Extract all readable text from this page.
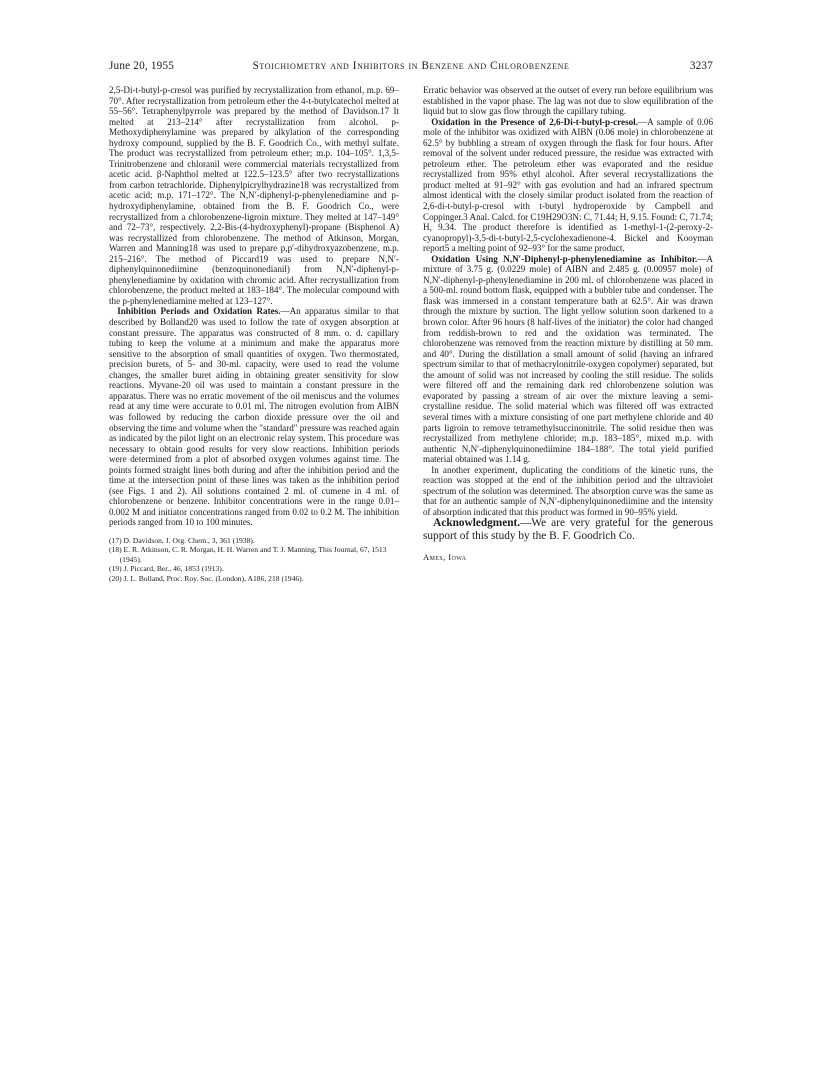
June 20, 1955	Stoichiometry and Inhibitors in Benzene and Chlorobenzene	3237

2,5-Di-t-butyl-p-cresol was purified by recrystallization from ethanol, m.p. 69–70°. After recrystallization from petroleum ether the 4-t-butylcatechol melted at 55–56°. Tetraphenylpyrrole was prepared by the method of Davidson.17 It melted at 213–214° after recrystallization from alcohol. p-Methoxydiphenylamine was prepared by alkylation of the corresponding hydroxy compound, supplied by the B. F. Goodrich Co., with methyl sulfate. The product was recrystallized from petroleum ether; m.p. 104–105°. 1,3,5-Trinitrobenzene and chloranil were commercial materials recrystallized from acetic acid. β-Naphthol melted at 122.5–123.5° after two recrystallizations from carbon tetrachloride. Diphenylpicrylhydrazine18 was recrystallized from acetic acid; m.p. 171–172°. The N,N′-diphenyl-p-phenylenediamine and p-hydroxydiphenylamine, obtained from the B. F. Goodrich Co., were recrystallized from a chlorobenzene-ligroin mixture. They melted at 147–149° and 72–73°, respectively. 2,2-Bis-(4-hydroxyphenyl)-propane (Bisphenol A) was recrystallized from chlorobenzene. The method of Atkinson, Morgan, Warren and Manning18 was used to prepare p,p′-dihydroxyazobenzene, m.p. 215–216°. The method of Piccard19 was used to prepare N,N′-diphenylquinonediimine (benzoquinonedianil) from N,N′-diphenyl-p-phenylenediamine by oxidation with chromic acid. After recrystallization from chlorobenzene, the product melted at 183–184°. The molecular compound with the p-phenylenediamine melted at 123–127°.

Inhibition Periods and Oxidation Rates.—An apparatus similar to that described by Bolland20 was used to follow the rate of oxygen absorption at constant pressure. The apparatus was constructed of 8 mm. o. d. capillary tubing to keep the volume at a minimum and make the apparatus more sensitive to the absorption of small quantities of oxygen. Two thermostated, precision burets, of 5- and 30-ml. capacity, were used to read the volume changes, the smaller buret aiding in obtaining greater sensitivity for slow reactions. Myvane-20 oil was used to maintain a constant pressure in the apparatus. There was no erratic movement of the oil meniscus and the volumes read at any time were accurate to 0.01 ml. The nitrogen evolution from AIBN was followed by reducing the carbon dioxide pressure over the oil and observing the time and volume when the "standard" pressure was reached again as indicated by the pilot light on an electronic relay system. This procedure was necessary to obtain good results for very slow reactions. Inhibition periods were determined from a plot of absorbed oxygen volumes against time. The points formed straight lines both during and after the inhibition period and the time at the intersection point of these lines was taken as the inhibition period (see Figs. 1 and 2). All solutions contained 2 ml. of cumene in 4 ml. of chlorobenzene or benzene. Inhibitor concentrations were in the range 0.01–0.002 M and initiator concentrations ranged from 0.02 to 0.2 M. The inhibition periods ranged from 10 to 100 minutes.

(17) D. Davidson, J. Org. Chem., 3, 361 (1938).
(18) E. R. Atkinson, C. R. Morgan, H. H. Warren and T. J. Manning, This Journal, 67, 1513 (1945).
(19) J. Piccard, Ber., 46, 1853 (1913).
(20) J. L. Bolland, Proc. Roy. Soc. (London), A186, 218 (1946).

Erratic behavior was observed at the outset of every run before equilibrium was established in the vapor phase. The lag was not due to slow equilibration of the liquid but to slow gas flow through the capillary tubing.

Oxidation in the Presence of 2,6-Di-t-butyl-p-cresol.—A sample of 0.06 mole of the inhibitor was oxidized with AIBN (0.06 mole) in chlorobenzene at 62.5° by bubbling a stream of oxygen through the flask for four hours. After removal of the solvent under reduced pressure, the residue was extracted with petroleum ether. The petroleum ether was evaporated and the residue recrystallized from 95% ethyl alcohol. After several recrystallizations the product melted at 91–92° with gas evolution and had an infrared spectrum almost identical with the closely similar product isolated from the reaction of 2,6-di-t-butyl-p-cresol with t-butyl hydroperoxide by Campbell and Coppinger.3 Anal. Calcd. for C19H29O3N: C, 71.44; H, 9.15. Found: C, 71.74; H, 9.34. The product therefore is identified as 1-methyl-1-(2-peroxy-2-cyanopropyl)-3,5-di-t-butyl-2,5-cyclohexadienone-4. Bickel and Kooyman report5 a melting point of 92–93° for the same product.

Oxidation Using N,N′-Diphenyl-p-phenylenediamine as Inhibitor.—A mixture of 3.75 g. (0.0229 mole) of AIBN and 2.485 g. (0.00957 mole) of N,N′-diphenyl-p-phenylenediamine in 200 ml. of chlorobenzene was placed in a 500-ml. round bottom flask, equipped with a bubbler tube and condenser. The flask was immersed in a constant temperature bath at 62.5°. Air was drawn through the mixture by suction. The light yellow solution soon darkened to a brown color. After 96 hours (8 half-lives of the initiator) the color had changed from reddish-brown to red and the oxidation was terminated. The chlorobenzene was removed from the reaction mixture by distilling at 50 mm. and 40°. During the distillation a small amount of solid (having an infrared spectrum similar to that of methacrylonitrile-oxygen copolymer) separated, but the amount of solid was not increased by cooling the still residue. The solids were filtered off and the remaining dark red chlorobenzene solution was evaporated by passing a stream of air over the mixture leaving a semi-crystalline residue. The solid material which was filtered off was extracted several times with a mixture consisting of one part methylene chloride and 40 parts ligroin to remove tetramethylsuccinonitrile. The solid residue then was recrystallized from methylene chloride; m.p. 183–185°, mixed m.p. with authentic N,N′-diphenylquinonediimine 184–188°. The total yield purified material obtained was 1.14 g.

In another experiment, duplicating the conditions of the kinetic runs, the reaction was stopped at the end of the inhibition period and the ultraviolet spectrum of the solution was determined. The absorption curve was the same as that for an authentic sample of N,N′-diphenylquinonediimine and the intensity of absorption indicated that this product was formed in 90–95% yield.

Acknowledgment.—We are very grateful for the generous support of this study by the B. F. Goodrich Co.

Ames, Iowa
